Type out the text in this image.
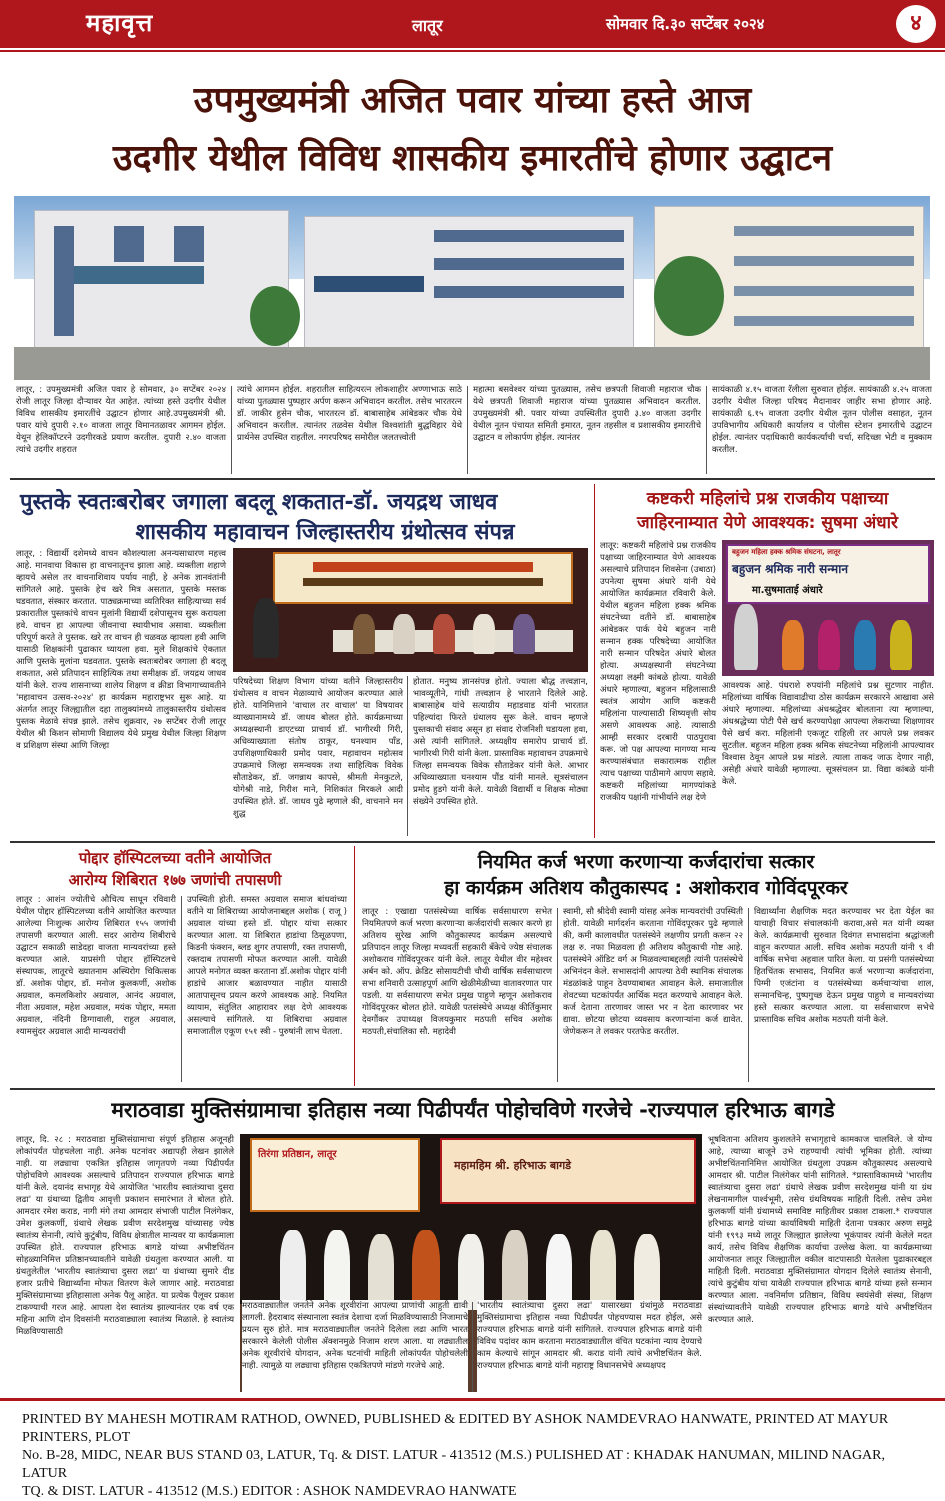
महावृत्त	लातूर	सोमवार दि.३० सप्टेंबर २०२४	४
उपमुख्यमंत्री अजित पवार यांच्या हस्ते आज
उदगीर येथील विविध शासकीय इमारतींचे होणार उद्घाटन
लातूर, : उपमुख्यमंत्री अजित पवार हे सोमवार, ३० सप्टेंबर २०२४ रोजी लातूर जिल्हा दौऱ्यावर येत आहेत. त्यांच्या हस्ते उदगीर येथील विविध शासकीय इमारतींचे उद्घाटन होणार आहे.उपमुख्यमंत्री श्री. पवार यांचे दुपारी २.१० वाजता लातूर विमानतळावर आगमन होईल. येथून हेलिकॉप्टरने उदगीरकडे प्रयाण करतील. दुपारी २.४० वाजता त्यांचे उदगीर शहरात
त्यांचे आगमन होईल. शहरातील साहित्यरत्न लोकशाहीर अण्णाभाऊ साठे यांच्या पुतळ्यास पुष्पहार अर्पण करून अभिवादन करतील. तसेच भारतरत्न डॉ. जाकीर हुसेन चौक, भारतरत्न डॉ. बाबासाहेब आंबेडकर चौक येथे अभिवादन करतील. त्यानंतर तळवेस येथील विश्वशांती बुद्धविहार येथे प्रार्थनेस उपस्थित राहतील. नगरपरिषद समोरील जलतत्त्वोती
महात्मा बसवेश्वर यांच्या पुतळ्यास, तसेच छत्रपती शिवाजी महाराज चौक येथे छत्रपती शिवाजी महाराज यांच्या पुतळ्यास अभिवादन करतील. उपमुख्यमंत्री श्री. पवार यांच्या उपस्थितीत दुपारी ३.४० वाजता उदगीर येथील नूतन पंचायत समिती इमारत, नूतन तहसील व प्रशासकीय इमारतीचे उद्घाटन व लोकार्पण होईल. त्यानंतर
सायंकाळी ४.१५ वाजता रॅलीला सुरुवात होईल. सायंकाळी ४.२५ वाजता उदगीर येथील जिल्हा परिषद मैदानावर जाहीर सभा होणार आहे. सायंकाळी ६.१५ वाजता उदगीर येथील नूतन पोलीस वसाहत, नूतन उपविभागीय अधिकारी कार्यालय व पोलीस स्टेशन इमारतीचे उद्घाटन होईल. त्यानंतर पदाधिकारी कार्यकर्त्यांची चर्चा, सदिच्छा भेटी व मुक्काम करतील.
पुस्तके स्वतःबरोबर जगाला बदलू शकतात-डॉ. जयद्रथ जाधव
शासकीय महावाचन जिल्हास्तरीय ग्रंथोत्सव संपन्न
लातूर, : विद्यार्थी दशेमध्ये वाचन कौशल्याला अनन्यसाधारण महत्त्व आहे. मानवाचा विकास हा वाचनातूनच झाला आहे. व्यक्तीला शहाणे व्हायचे असेल तर वाचनाशिवाय पर्याय नाही, हे अनेक ज्ञानवंतांनी सांगितले आहे. पुस्तके हेच खरे मित्र असतात, पुस्तके मस्तक घडवतात, संस्कार करतात. पाठ्यक्रमाच्या व्यतिरिक्त साहित्याच्या सर्व प्रकारातील पुस्तकांचे वाचन मुलांनी विद्यार्थी दशेपासूनच सुरू करायला हवे. वाचन हा आपल्या जीवनाचा स्थायीभाव असावा. व्यक्तीला परिपूर्ण करते ते पुस्तक. खरे तर वाचन ही चळवळ व्हायला हवी आणि यासाठी शिक्षकांनी पुढाकार घ्यायला हवा. मुले शिक्षकांचे ऐकतात आणि पुस्तके मुलांना घडवतात. पुस्तके स्वतःबरोबर जगाला ही बदलू शकतात, असे प्रतिपादन साहित्यिक तथा समीक्षक डॉ. जयद्रथ जाधव यांनी केले. राज्य शासनाच्या शालेय शिक्षण व क्रीडा विभागाच्यावतीने 'महावाचन उत्सव-२०२४' हा कार्यक्रम महाराष्ट्रभर सुरू आहे. या अंतर्गत लातूर जिल्ह्यातील दहा तालुक्यांमध्ये तालुकास्तरीय ग्रंथोत्सव पुस्तक मेळावे संपन्न झाले. तसेच शुक्रवार, २७ सप्टेंबर रोजी लातूर येथील श्री किशन सोमाणी विद्यालय येथे प्रमुख येथील जिल्हा शिक्षण व प्रशिक्षण संस्था आणि जिल्हा
परिषदेच्या शिक्षण विभाग यांच्या वतीने जिल्हास्तरीय ग्रंथोत्सव व वाचन मेळाव्याचे आयोजन करण्यात आले होते. यानिमित्ताने 'वाचाल तर वाचाल' या विषयावर व्याख्यानामध्ये डॉ. जाधव बोलत होते. कार्यक्रमाच्या अध्यक्षस्थानी डाएटच्या प्राचार्य डॉ. भागीरथी गिरी, अधिव्याख्याता संतोष ठाकूर, घनश्याम पाँड, उपशिक्षणाधिकारी प्रमोद पवार, महावाचन महोत्सव उपक्रमाचे जिल्हा समन्वयक तथा साहित्यिक विवेक सौताडेकर, डॉ. जगन्नाथ कापसे, श्रीमती मेनकुटले, योगेश्री नाडे, गिरीश माने, निशिकांत मिरकले आदी उपस्थित होते. डॉ. जाधव पुढे म्हणाले की, वाचनाने मन शुद्ध
होतात. मनुष्य ज्ञानसंपन्न होतो. ज्याला बौद्ध तत्त्वज्ञान, भावव्यूतीने, गांधी तत्त्वज्ञान हे भारताने दिलेले आहे. बाबासाहेब यांचे सत्याग्रीय महाडवाड यांनी भारतात पहिल्यांदा फिरते ग्रंथालय सुरू केले. वाचन म्हणजे पुस्तकाची संवाद असून हा संवाद रोजनिशी घडायला हवा, असे त्यांनी सांगितले. अध्यक्षीय समारोप प्राचार्य डॉ. भागीरथी गिरी यांनी केला. प्रास्ताविक महावाचन उपक्रमाचे जिल्हा समन्वयक विवेक सौताडेकर यांनी केले. आभार अधिव्याख्याता घनश्याम पौंड यांनी मानले. सूत्रसंचालन प्रमोद हुडगे यांनी केले. यावेळी विद्यार्थी व शिक्षक मोठ्या संख्येने उपस्थित होते.
कष्टकरी महिलांचे प्रश्न राजकीय पक्षाच्या
जाहिरनाम्यात येणे आवश्यक: सुषमा अंधारे
लातूर: कष्टकरी महिलांचे प्रश्न राजकीय पक्षाच्या जाहिरनाम्यात येणे आवश्यक असल्याचे प्रतिपादन शिवसेना (उबाठा) उपनेत्या सुषमा अंधारे यांनी येथे आयोजित कार्यक्रमात रविवारी केले. येथील बहुजन महिला हक्क श्रमिक संघटनेच्या वतीने डॉ. बाबासाहेब आंबेडकर पार्क येथे बहुजन नारी सन्मान हक्क परिषदेच्या आयोजित नारी सन्मान परिषदेत अंधारे बोलत होत्या. अध्यक्षस्थानी संघटनेच्या अध्यक्षा लक्ष्मी कांबळे होत्या. यावेळी अंधारे म्हणाल्या, बहुजन महिलासाठी स्वतंत्र आयोग आणि कष्टकरी महिलांना पाल्यासाठी शिष्यवृत्ती सोय असणे आवश्यक आहे. त्यासाठी आम्ही सरकार दरबारी पाठपुरावा करू. जो पक्ष आपल्या मागण्या मान्य करण्यासंबंधात सकारात्मक राहील त्याच पक्षाच्या पाठीमागे आपण सहावे. कष्टकरी महिलांच्या मागण्यांकडे राजकीय पक्षांनी गांभीर्याने लक्ष देणे
बहुजन महिला हक्क श्रमिक संघटना, लातूर
बहुजन श्रमिक नारी सन्मान
मा.सुषमाताई अंधारे
आवश्यक आहे. पंधराशे रुपयांनी महिलांचे प्रश्न सुटणार नाहीत. महिलांच्या वार्षिक विद्यावाढीचा ठोस कार्यक्रम सरकारने आखावा असे अंधारे म्हणाल्या. महिलांच्या अंधश्रद्धेवर बोलताना त्या म्हणाल्या, अंधश्रद्धेच्या पोटी पैसे खर्च करण्यापेक्षा आपल्या लेकराच्या शिक्षणावर पैसे खर्च करा. महिलांनी एकजूट राहिली तर आपले प्रश्न लवकर सुटतील. बहुजन महिला हक्क श्रमिक संघटनेच्या महिलांनी आपल्यावर विश्वास ठेवून आपले प्रश्न मांडले. त्याला ताकद जाऊ देणार नाही, असेही अंधारे यावेळी म्हणाल्या. सूत्रसंचलन प्रा. विद्या कांबळे यांनी केले.
पोद्दार हॉस्पिटलच्या वतीने आयोजित
आरोग्य शिबिरात १७७ जणांची तपासणी
लातूर : आशंन ज्योतीचे औचित्य साधून रविवारी येथील पोद्दार हॉस्पिटलच्या वतीने आयोजित करण्यात आलेल्या निःशुल्क आरोग्य शिबिरात १५५ जणांची तपासणी करण्यात आली. सदर आरोग्य शिबीराचे उद्घाटन सकाळी साडेदहा वाजता मान्यवरांच्या हस्ते करण्यात आले. याप्रसंगी पोद्दार हॉस्पिटलचे संस्थापक, लातूरचे ख्यातनाम अस्थिरोग चिकित्सक डॉ. अशोक पोद्दार, डॉ. मनोज कुलकर्णी, अशोक अग्रवाल, कमलकिशोर अग्रवाल, आनंद अग्रवाल, नीता अग्रवाल, महेश अग्रवाल, मयंक पोद्दार, ममता अग्रवाल, नंदिनी डिग्गावाली, राहुल अग्रवाल, श्यामसुंदर अग्रवाल आदी मान्यवरांची
उपस्थिती होती. समस्त अग्रवाल समाज बांधवांच्या वतीने या शिबिराच्या आयोजनाबद्दल अशोक ( राजू ) अग्रवाल यांच्या हस्ते डॉ. पोद्दार यांचा सत्कार करण्यात आला. या शिबिरात हाडांचा ठिसूळपणा, किडनी फंक्शन, ब्लड शुगर तपासणी, रक्त तपासणी, रक्तदाब तपासणी मोफत करण्यात आली. यावेळी आपले मनोगत व्यक्त करताना डॉ.अशोक पोद्दार यांनी हाडांचे आजार बळावण्यात नाहीत यासाठी आतापासूनच प्रयत्न करणे आवश्यक आहे. नियमित व्यायाम, संतुलित आहारावर लक्ष देणे आवश्यक असल्याचे सांगितले. या शिबिराचा अग्रवाल समाजातील एकूण १५१ स्त्री - पुरुषांनी लाभ घेतला.
नियमित कर्ज भरणा करणाऱ्या कर्जदारांचा सत्कार
हा कार्यक्रम अतिशय कौतुकास्पद : अशोकराव गोविंदपूरकर
लातूर : एखाद्या पतसंस्थेच्या वार्षिक सर्वसाधारण सभेत नियमितपणे कर्ज भरणा करणाऱ्या कर्जदारांची सत्कार करणे हा अतिशय सुरेख आणि कौतुकास्पद कार्यक्रम असल्याचे प्रतिपादन लातूर जिल्हा मध्यवर्ती सहकारी बँकेचे ज्येष्ठ संचालक अशोकराव गोविंदपूरकर यांनी केले. लातूर येथील वीर महेश्वर अर्बन को. ऑप. क्रेडिट सोसायटीची चौथी वार्षिक सर्वसाधारण सभा शनिवारी उत्साहपूर्ण आणि खेळीमेळीच्या वातावरणात पार पडली. या सर्वसाधारण सभेत प्रमुख पाहुणे म्हणून अशोकराव गोविंदपूरकर बोलत होते. यावेळी पतसंस्थेचे अध्यक्ष कीर्तिकुमार देवगौंकर उपाध्यक्ष विजयकुमार मठपती सचिव अशोक मठपती,संचालिका सौ. महादेवी
स्वामी, सौ श्रीदेवी स्वामी यांसह अनेक मान्यवरांची उपस्थिती होती. यावेळी मार्गदर्शन करताना गोविंदपूरकर पुढे म्हणाले की, कमी कालावधीत पतसंस्थेने लक्षणीय प्रगती करून २२ लक्ष रु. नफा मिळवला ही अतिशय कौतुकाची गोष्ट आहे. पतसंस्थेने ऑडिट वर्ग अ मिळवल्याबद्दलही त्यांनी पतसंस्थेचे अभिनंदन केले. सभासदांनी आपल्या ठेवी स्थानिक संचालक मंडळांकडे पाहून ठेवण्याबाबत आवाहन केले. समाजातील शेवटच्या घटकांपर्यंत आर्थिक मदत करण्याचे आवाहन केले. कर्ज देताना तारणावर जास्त भर न देता कारणावर भर द्यावा. छोटया छोटया व्यवसाय करणाऱ्यांना कर्ज द्यावेत. जेणेकरून ते लवकर परतफेड करतील.
विद्यार्थ्यांना शैक्षणिक मदत करण्यावर भर देता येईल का याचाही विचार संचालकांनी करावा,असे मत यांनी व्यक्त केले. कार्यक्रमाची सुरुवात दिवंगत सभासदांना श्रद्धांजली वाहून करण्यात आली. सचिव अशोक मठपती यांनी ९ वी वार्षिक सभेचा अहवाल पारित केला. या प्रसंगी पतसंस्थेच्या हितचिंतक सभासद, नियमित कर्ज भरणाऱ्या कर्जदारांना, पिग्मी एजंटांना व पतसंस्थेच्या कर्मचाऱ्यांचा शाल, सन्मानचिन्ह, पुष्पगुच्छ देऊन प्रमुख पाहुणे व मान्यवरांच्या हस्ते सत्कार करण्यात आला. या सर्वसाधारण सभेचे प्रास्ताविक सचिव अशोक मठपती यांनी केले.
मराठवाडा मुक्तिसंग्रामाचा इतिहास नव्या पिढीपर्यंत पोहोचविणे गरजेचे -राज्यपाल हरिभाऊ बागडे
लातूर, दि. २८ : मराठवाडा मुक्तिसंग्रामाचा संपूर्ण इतिहास अजूनही लोकांपर्यंत पोहचलेला नाही. अनेक घटनांवर अद्यापही लेखन झालेले नाही. या लढ्याचा एकत्रित इतिहास जागृतपणे नव्या पिढीपर्यंत पोहोचविणे आवश्यक असल्याचे प्रतिपादन राज्यपाल हरिभाऊ बागडे यांनी केले. दयानंद सभागृह येथे आयोजित 'भारतीय स्वातंत्र्याचा दुसरा लढा' या ग्रंथाच्या द्वितीय आवृत्ती प्रकाशन समारंभात ते बोलत होते. आमदार रमेश कराड, नागी मंगे तथा आमदार संभाजी पाटील निलंगेकर, उमेश कुलकर्णी, ग्रंथाचे लेखक प्रवीण सरदेशमुख यांच्यासह ज्येष्ठ स्वातंत्र्य सेनानी, त्यांचे कुटुंबीय, विविध क्षेत्रातील मान्यवर या कार्यक्रमाला उपस्थित होते. राज्यपाल हरिभाऊ बागडे यांच्या अभीष्टचिंतन सोहळ्यानिमित्त प्रतिष्ठानच्यावतीने यावेळी ग्रंथतुला करण्यात आली. या ग्रंथतुलेतील 'भारतीय स्वातंत्र्याचा दुसरा लढा' या ग्रंथाच्या सुमारे दीड हजार प्रतीचे विद्यार्थ्यांना मोफत वितरण केले जाणार आहे. मराठवाडा मुक्तिसंग्रामाच्या इतिहासाला अनेक पैलू आहेत. या प्रत्येक पैलूवर प्रकाश टाकण्याची गरज आहे. आपला देश स्वातंत्र्य झाल्यानंतर एक वर्ष एक महिना आणि दोन दिवसांनी मराठवाड्याला स्वातंत्र्य मिळाले. हे स्वातंत्र्य मिळविण्यासाठी
तिरंगा प्रतिष्ठान, लातूर
महामहिम श्री. हरिभाऊ बागडे
मराठवाड्यातील जनतेने अनेक शूरवीरांना आपल्या प्राणांची आहुती द्यावी लागली. हैदराबाद संस्थानाला स्वतंत्र देशाचा दर्जा मिळविण्यासाठी निजामाचे प्रयत्न सुरु होते. मात्र मराठवाड्यातील जनतेने दिलेला लढा आणि भारत सरकारने केलेली पोलीस ॲक्शनमुळे निजाम शरण आला. या लढ्यातील अनेक शूरवीरांचे योगदान, अनेक घटनांची माहिती लोकांपर्यंत पोहोचलेली नाही. त्यामुळे या लढ्याचा इतिहास एकत्रितपणे मांडणे गरजेचे आहे.
'भारतीय स्वातंत्र्याचा दुसरा लढा' यासारख्या ग्रंथांमुळे मराठवाडा मुक्तिसंग्रामाचा इतिहास नव्या पिढीपर्यंत पोहचण्यास मदत होईल, असे राज्यपाल हरिभाऊ बागडे यांनी सांगितले. राज्यपाल हरिभाऊ बागडे यांनी विविध पदांवर काम करताना मराठवाड्यातील वंचित घटकांना न्याय देण्याचे काम केल्याचे सांगून आमदार श्री. कराड यांनी त्यांचे अभीष्टचिंतन केले. राज्यपाल हरिभाऊ बागडे यांनी महाराष्ट्र विधानसभेचे अध्यक्षपद
भूषविताना अतिशय कुशलतेने सभागृहाचे कामकाज चालविले. जे योग्य आहे, त्याच्या बाजूने उभे राहण्याची त्यांची भूमिका होती. त्यांच्या अभीष्टचिंतनानिमित्त आयोजित ग्रंथतुला उपक्रम कौतुकास्पद असल्याचे आमदार श्री. पाटील निलंगेकर यांनी सांगितले. *प्रास्ताविकामध्ये 'भारतीय स्वातंत्र्याचा दुसरा लढा' ग्रंथाचे लेखक प्रवीण सरदेशमुख यांनी या ग्रंथ लेखनामागील पार्श्वभूमी, तसेच ग्रंथविषयक माहिती दिली. तसेच उमेश कुलकर्णी यांनी ग्रंथामध्ये समाविष्ट माहितीवर प्रकाश टाकला.* राज्यपाल हरिभाऊ बागडे यांच्या कार्याविषयी माहिती देताना पत्रकार अरुण समुद्रे यांनी १९९३ मध्ये लातूर जिल्ह्यात झालेल्या भूकंपावर त्यांनी केलेले मदत कार्य, तसेच विविध शैक्षणिक कार्याचा उल्लेख केला. या कार्यक्रमाच्या आयोजनात लातूर जिल्ह्यातील वकील वाटपासाठी घेतलेला पुढाकारबद्दल माहिती दिली. मराठवाडा मुक्तिसंग्रामात योगदान दिलेले स्वातंत्र्य सेनानी, त्यांचे कुटुंबीय यांचा यावेळी राज्यपाल हरिभाऊ बागडे यांच्या हस्ते सन्मान करण्यात आला. नवनिर्माण प्रतिष्ठान, विविध स्वयंसेवी संस्था, शिक्षण संस्थांच्यावतीने यावेळी राज्यपाल हरिभाऊ बागडे यांचे अभीष्टचिंतन करण्यात आले.
PRINTED BY MAHESH MOTIRAM RATHOD, OWNED, PUBLISHED & EDITED BY ASHOK NAMDEVRAO HANWATE, PRINTED AT MAYUR PRINTERS, PLOT
No. B-28, MIDC, NEAR BUS STAND 03, LATUR, Tq. & DIST. LATUR - 413512 (M.S.) PULISHED AT : KHADAK HANUMAN, MILIND NAGAR, LATUR
TQ. & DIST. LATUR - 413512 (M.S.) EDITOR : ASHOK NAMDEVRAO HANWATE
